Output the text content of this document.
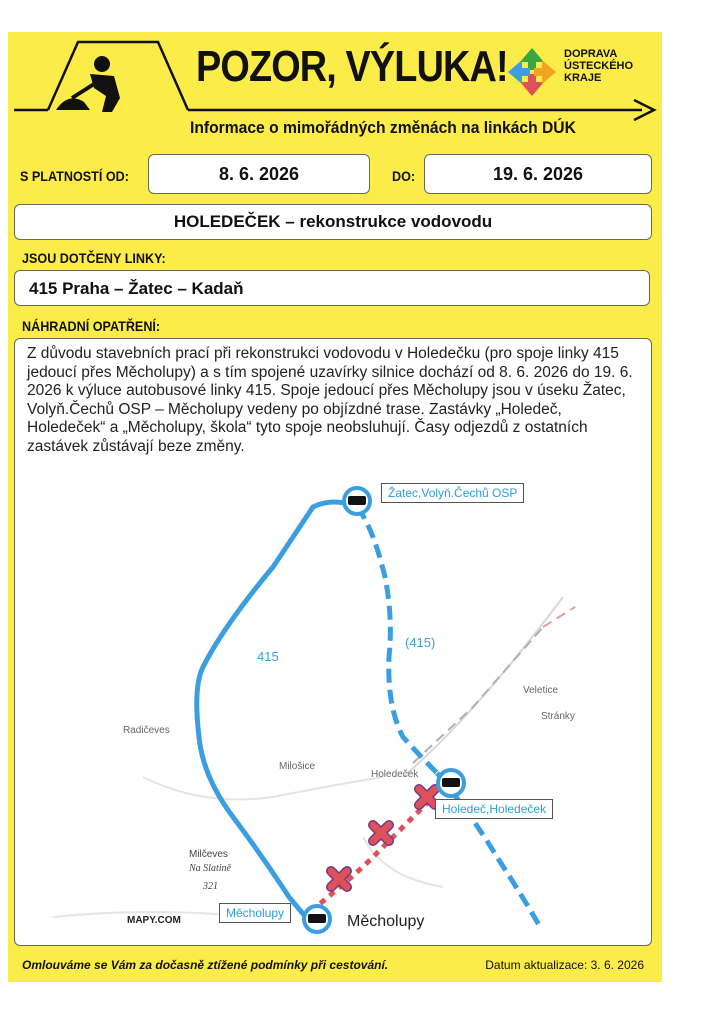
POZOR, VÝLUKA!
Informace o mimořádných změnách na linkách DÚK
DOPRAVA
ÚSTECKÉHO
KRAJE
S PLATNOSTÍ OD:	8. 6. 2026	DO:	19. 6. 2026
HOLEDEČEK – rekonstrukce vodovodu
JSOU DOTČENY LINKY:
415 Praha – Žatec – Kadaň
NÁHRADNÍ OPATŘENÍ:
Z důvodu stavebních prací při rekonstrukci vodovodu v Holedečku (pro spoje linky 415 jedoucí přes Měcholupy) a s tím spojené uzavírky silnice dochází od 8. 6. 2026 do 19. 6. 2026 k výluce autobusové linky 415. Spoje jedoucí přes Měcholupy jsou v úseku Žatec, Volyň.Čechů OSP – Měcholupy vedeny po objízdné trase. Zastávky „Holedeč, Holedeček“ a „Měcholupy, škola“ tyto spoje neobsluhují. Časy odjezdů z ostatních zastávek zůstávají beze změny.
415
(415)
Žatec,Volyň.Čechů OSP
Holedeč,Holedeček
Měcholupy
Radičeves
Milošice
Holedeček
Veletice
Stránky
Milčeves
Na Slatině
321
Měcholupy
MAPY.COM
Omlouváme se Vám za dočasně ztížené podmínky při cestování.	Datum aktualizace: 3. 6. 2026
